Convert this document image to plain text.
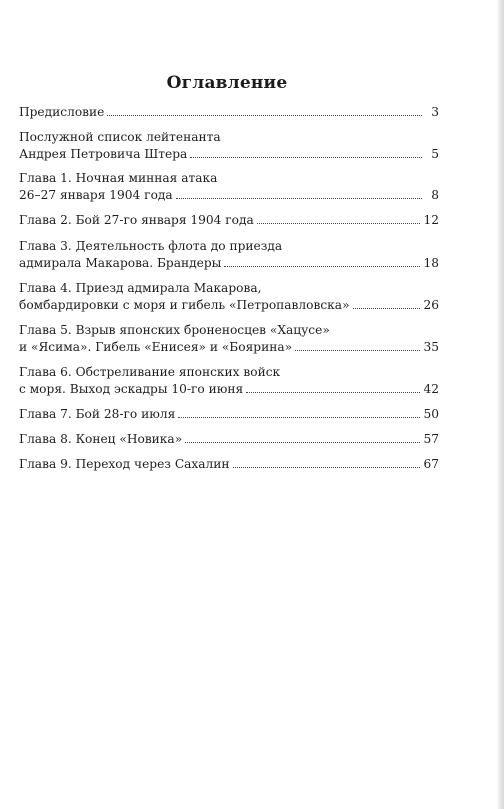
Оглавление
Предисловие	3
Послужной список лейтенанта
Андрея Петровича Штера	5
Глава 1. Ночная минная атака
26–27 января 1904 года	8
Глава 2. Бой 27-го января 1904 года	12
Глава 3. Деятельность флота до приезда
адмирала Макарова. Брандеры	18
Глава 4. Приезд адмирала Макарова,
бомбардировки с моря и гибель «Петропавловска»	26
Глава 5. Взрыв японских броненосцев «Хацусе»
и «Ясима». Гибель «Енисея» и «Боярина»	35
Глава 6. Обстреливание японских войск
с моря. Выход эскадры 10-го июня	42
Глава 7. Бой 28-го июля	50
Глава 8. Конец «Новика»	57
Глава 9. Переход через Сахалин	67
